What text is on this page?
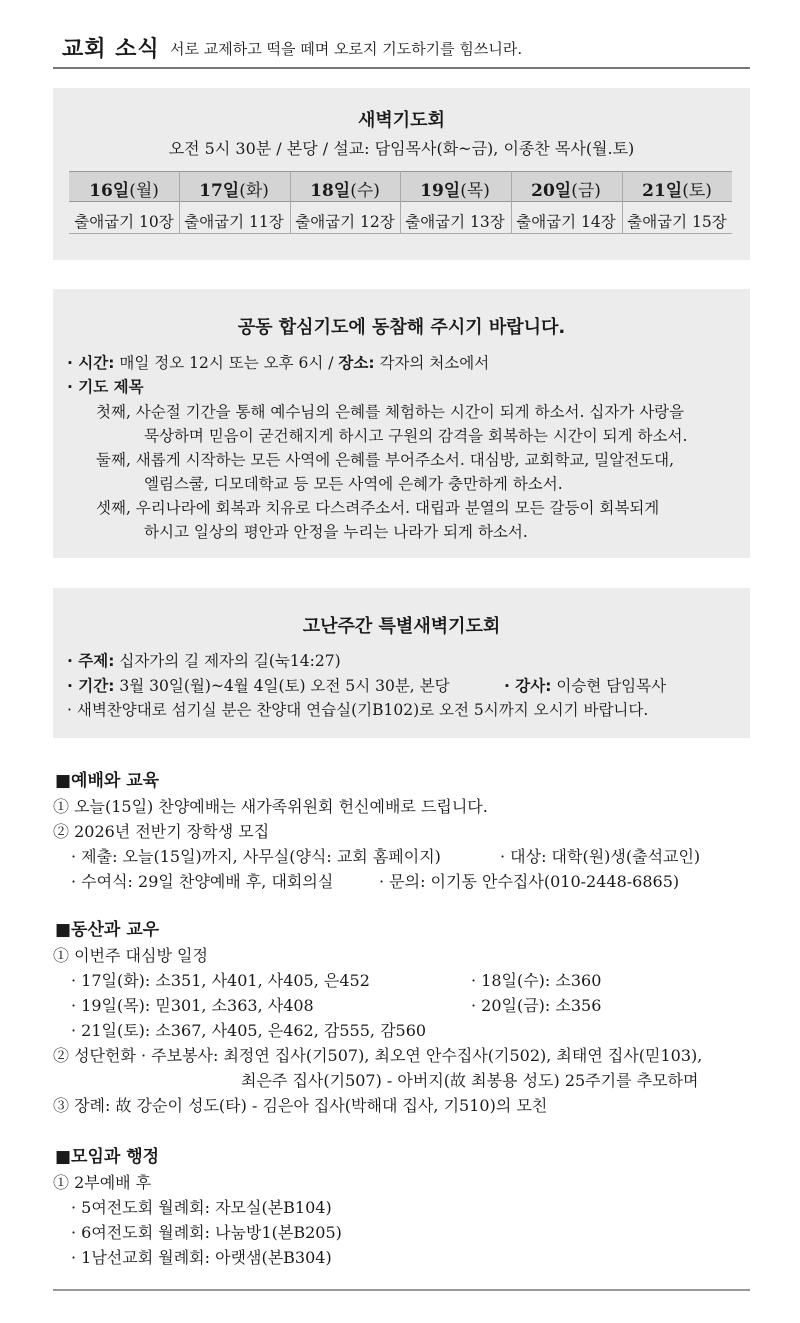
교회 소식 서로 교제하고 떡을 떼며 오로지 기도하기를 힘쓰니라.
새벽기도회
오전 5시 30분 / 본당 / 설교: 담임목사(화~금), 이종찬 목사(월.토)
16일(월)	17일(화)	18일(수)	19일(목)	20일(금)	21일(토)
출애굽기 10장 출애굽기 11장 출애굽기 12장 출애굽기 13장 출애굽기 14장 출애굽기 15장
공동 합심기도에 동참해 주시기 바랍니다.
· 시간: 매일 정오 12시 또는 오후 6시 / 장소: 각자의 처소에서
· 기도 제목
첫째, 사순절 기간을 통해 예수님의 은혜를 체험하는 시간이 되게 하소서. 십자가 사랑을
묵상하며 믿음이 굳건해지게 하시고 구원의 감격을 회복하는 시간이 되게 하소서.
둘째, 새롭게 시작하는 모든 사역에 은혜를 부어주소서. 대심방, 교회학교, 밀알전도대,
엘림스쿨, 디모데학교 등 모든 사역에 은혜가 충만하게 하소서.
셋째, 우리나라에 회복과 치유로 다스려주소서. 대립과 분열의 모든 갈등이 회복되게
하시고 일상의 평안과 안정을 누리는 나라가 되게 하소서.
고난주간 특별새벽기도회
· 주제: 십자가의 길 제자의 길(눅14:27)
· 기간: 3월 30일(월)~4월 4일(토) 오전 5시 30분, 본당	· 강사: 이승현 담임목사
· 새벽찬양대로 섬기실 분은 찬양대 연습실(기B102)로 오전 5시까지 오시기 바랍니다.
■예배와 교육
① 오늘(15일) 찬양예배는 새가족위원회 헌신예배로 드립니다.
② 2026년 전반기 장학생 모집
· 제출: 오늘(15일)까지, 사무실(양식: 교회 홈페이지)	· 대상: 대학(원)생(출석교인)
· 수여식: 29일 찬양예배 후, 대회의실	· 문의: 이기동 안수집사(010-2448-6865)
■동산과 교우
① 이번주 대심방 일정
· 17일(화): 소351, 사401, 사405, 은452	· 18일(수): 소360
· 19일(목): 믿301, 소363, 사408	· 20일(금): 소356
· 21일(토): 소367, 사405, 은462, 감555, 감560
② 성단헌화 · 주보봉사: 최정연 집사(기507), 최오연 안수집사(기502), 최태연 집사(믿103),
최은주 집사(기507) - 아버지(故 최봉용 성도) 25주기를 추모하며
③ 장례: 故 강순이 성도(타) - 김은아 집사(박해대 집사, 기510)의 모친
■모임과 행정
① 2부예배 후
· 5여전도회 월례회: 자모실(본B104)
· 6여전도회 월례회: 나눔방1(본B205)
· 1남선교회 월례회: 아랫샘(본B304)
